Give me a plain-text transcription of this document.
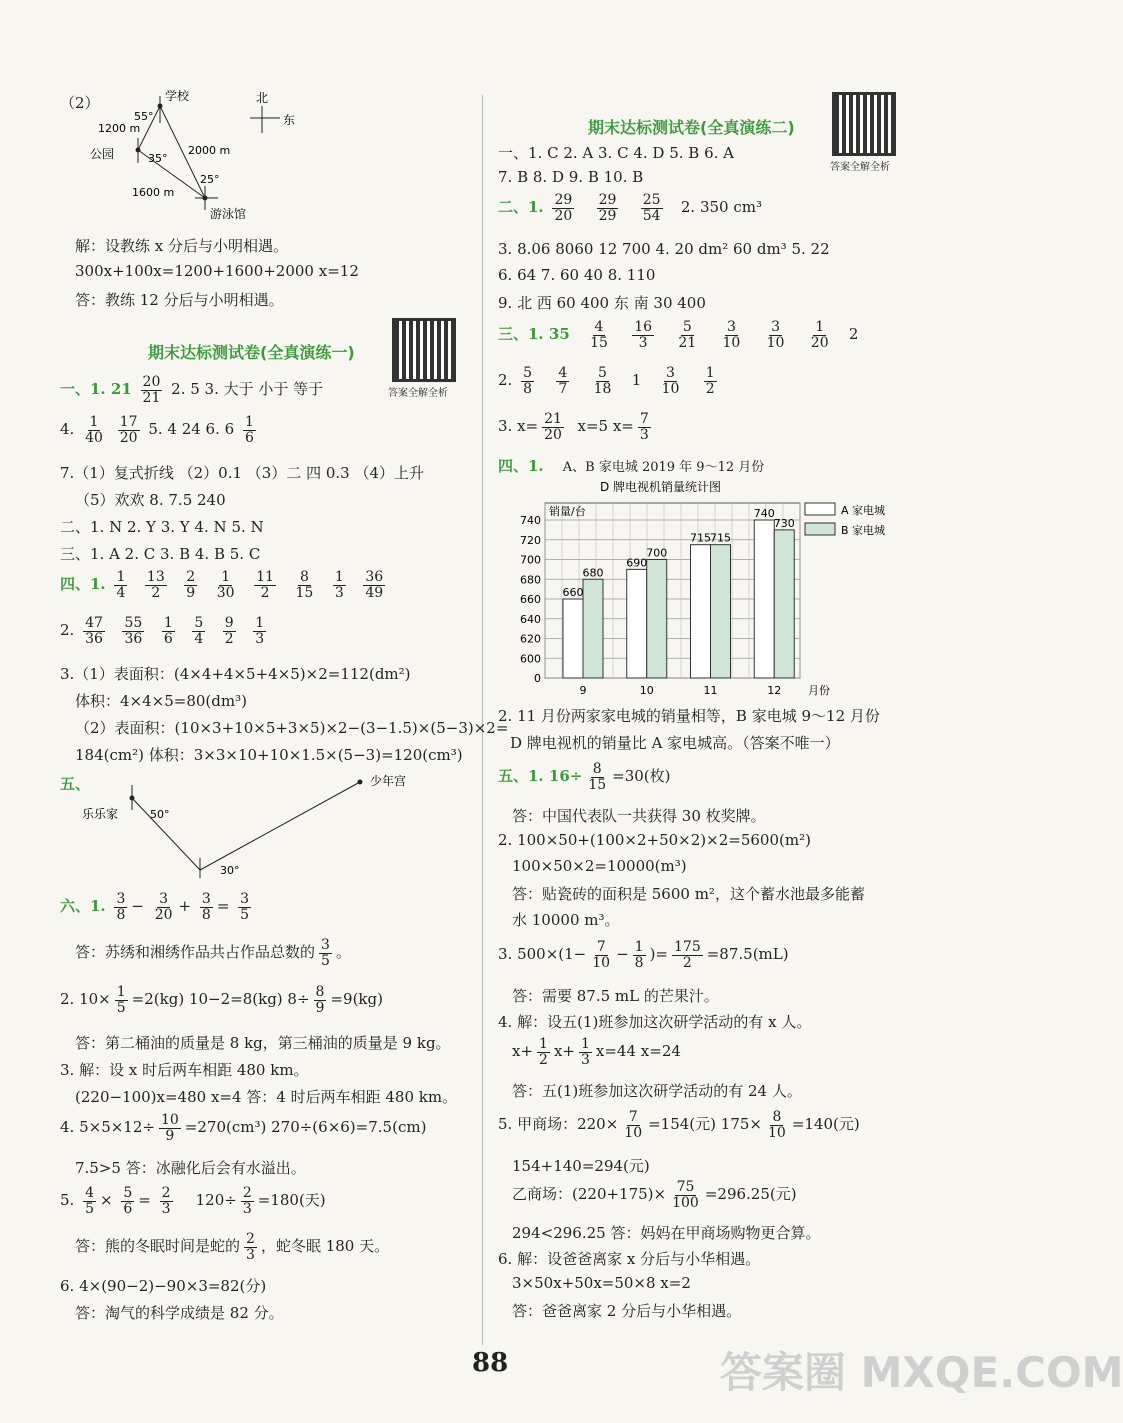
（2）	学校
公园
游泳馆
1200 m
2000 m
1600 m
55°
35°
25°
北
东
解：设教练 x 分后与小明相遇。
300x+100x=1200+1600+2000 x=12
答：教练 12 分后与小明相遇。
期末达标测试卷(全真演练一)
答案全解全析
一、1. $21 \frac{20}{21} 2$. 5 3. 大于 小于 等于
4. $\frac{1}{40}$
$\frac{17}{20} 5$. 4 24 6. $6 \frac{1}{6}$
7.（1）复式折线 （2）0.1 （3）二 四 0.3 （4）上升
（5）欢欢 8. 7.5 240
二、1. N 2. Y 3. Y 4. N 5. N
三、1. A 2. C 3. B 4. B 5. C
四、1. $\frac{1}{4}$
$\frac{13}{2}$
$\frac{2}{9}$
$\frac{1}{30}$
$\frac{11}{2}$
$\frac{8}{15}$
$\frac{1}{3}$
$\frac{36}{49}$
2. $\frac{47}{36}$
$\frac{55}{36}$
$\frac{1}{6}$
$\frac{5}{4}$
$\frac{9}{2}$
$\frac{1}{3}$
3.（1）表面积：(4×4+4×5+4×5)×2=112(dm²)
体积：4×4×5=80(dm³)
（2）表面积：(10×3+10×5+3×5)×2−(3−1.5)×(5−3)×2=
184(cm²) 体积：3×3×10+10×1.5×(5−3)=120(cm³)
五、
乐乐家
少年宫
50°
30°
六、1. $\frac{3}{8} - \frac{3}{20} + \frac{3}{8} = \frac{3}{5}$
答：苏绣和湘绣作品共占作品总数的 $\frac{3}{5}$ 。
2. $10\times \frac{1}{5} =2(kg)$ 10−2=8(kg) $8\div \frac{8}{9} =9(kg)$
答：第二桶油的质量是 8 kg，第三桶油的质量是 9 kg。
3. 解：设 x 时后两车相距 480 km。
(220−100)x=480 x=4 答：4 时后两车相距 480 km。
4. $5\times 5\times 12\div \frac{10}{9} =270(cm^3)$ 270÷(6×6)=7.5(cm)
7.5>5 答：冰融化后会有水溢出。
5. $\frac{4}{5} \times \frac{5}{6} = \frac{2}{3} 120\div \frac{2}{3} =180$(天)
答：熊的冬眠时间是蛇的 $\frac{2}{3}$ ，蛇冬眠 180 天。
6. 4×(90−2)−90×3=82(分)
答：淘气的科学成绩是 82 分。
期末达标测试卷(全真演练二)
答案全解全析
一、1. C 2. A 3. C 4. D 5. B 6. A
7. B 8. D 9. B 10. B
二、1. $\frac{29}{20}$
$\frac{29}{29}$
$\frac{25}{54} 2$. 350 cm³
3. 8.06 8060 12 700 4. 20 dm² 60 dm³ 5. 22
6. 64 7. 60 40 8. 110
9. 北 西 60 400 东 南 30 400
三、1. $35 \frac{4}{15}$
$\frac{16}{3}$
$\frac{5}{21}$
$\frac{3}{10}$
$\frac{3}{10}$
$\frac{1}{20} 2$
2. $\frac{5}{8}$
$\frac{4}{7}$
$\frac{5}{18} 1 \frac{3}{10}$
$\frac{1}{2}$
3. $x= \frac{21}{20} x=5$ $x= \frac{7}{3}$
四、1. A、B 家电城 2019 年 9～12 月份
D 牌电视机销量统计图
0
600
620
640
660
680
700
720
740
销量/台
月份
660
680
9
690
700
10
715 715
11
740
730
12
A 家电城
B 家电城
2. 11 月份两家家电城的销量相等，B 家电城 9～12 月份
D 牌电视机的销量比 A 家电城高。（答案不唯一）
五、1. $16\div \frac{8}{15} =30$(枚)
答：中国代表队一共获得 30 枚奖牌。
2. 100×50+(100×2+50×2)×2=5600(m²)
100×50×2=10000(m³)
答：贴瓷砖的面积是 5600 m²，这个蓄水池最多能蓄
水 10000 m³。
3. $500\times(1- \frac{7}{10} - \frac{1}{8}$ )= $\frac{175}{2} =87.5(mL)$
答：需要 87.5 mL 的芒果汁。
4. 解：设五(1)班参加这次研学活动的有 x 人。
$x+ \frac{1}{2} x+ \frac{1}{3} x=44$ x=24
答：五(1)班参加这次研学活动的有 24 人。
5. 甲商场：$220\times \frac{7}{10} =154$(元) $175\times \frac{8}{10} =140$(元)
154+140=294(元)
乙商场：$(220+175)\times \frac{75}{100} =296.25$(元)
294<296.25 答：妈妈在甲商场购物更合算。
6. 解：设爸爸离家 x 分后与小华相遇。
3×50x+50x=50×8 x=2
答：爸爸离家 2 分后与小华相遇。
88	答案圈 MXQE.COM
